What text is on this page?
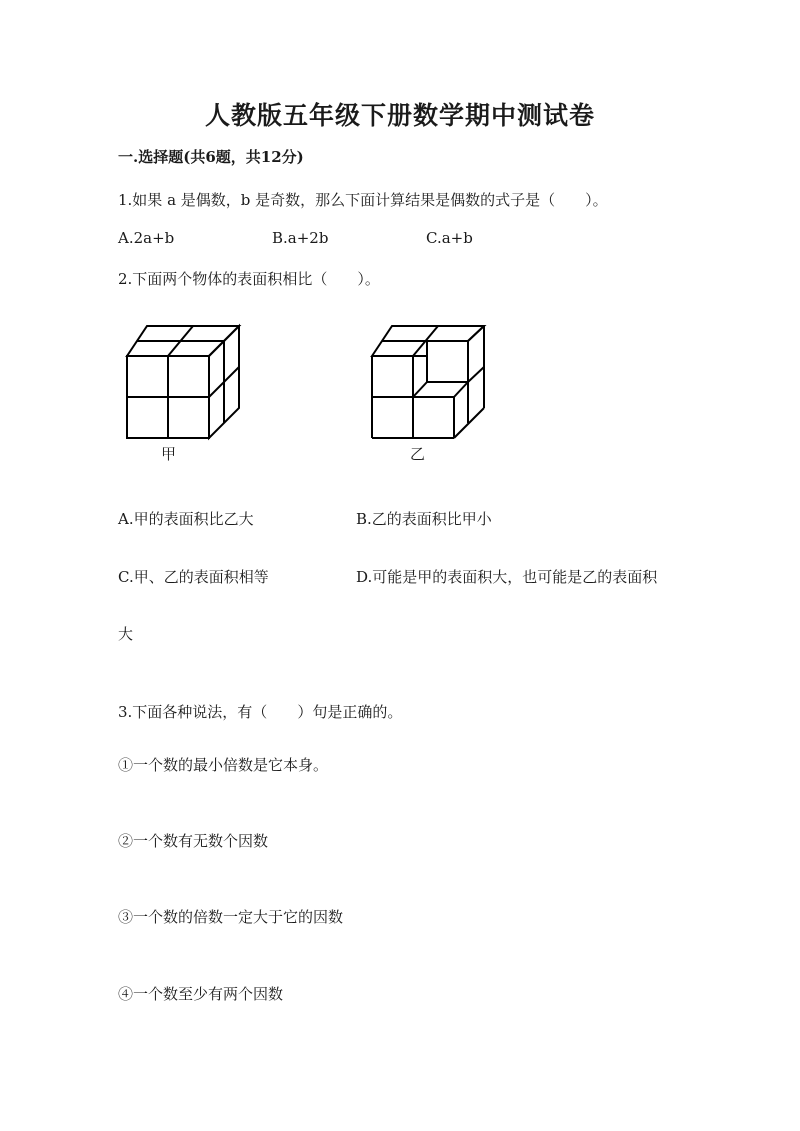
人教版五年级下册数学期中测试卷
一.选择题(共6题，共12分)
1.如果 a 是偶数，b 是奇数，那么下面计算结果是偶数的式子是（　　）。
A.2a+b	B.a+2b	C.a+b
2.下面两个物体的表面积相比（　　）。
甲	乙
A.甲的表面积比乙大	B.乙的表面积比甲小
C.甲、乙的表面积相等	D.可能是甲的表面积大，也可能是乙的表面积
大
3.下面各种说法，有（　　）句是正确的。
①一个数的最小倍数是它本身。
②一个数有无数个因数
③一个数的倍数一定大于它的因数
④一个数至少有两个因数
